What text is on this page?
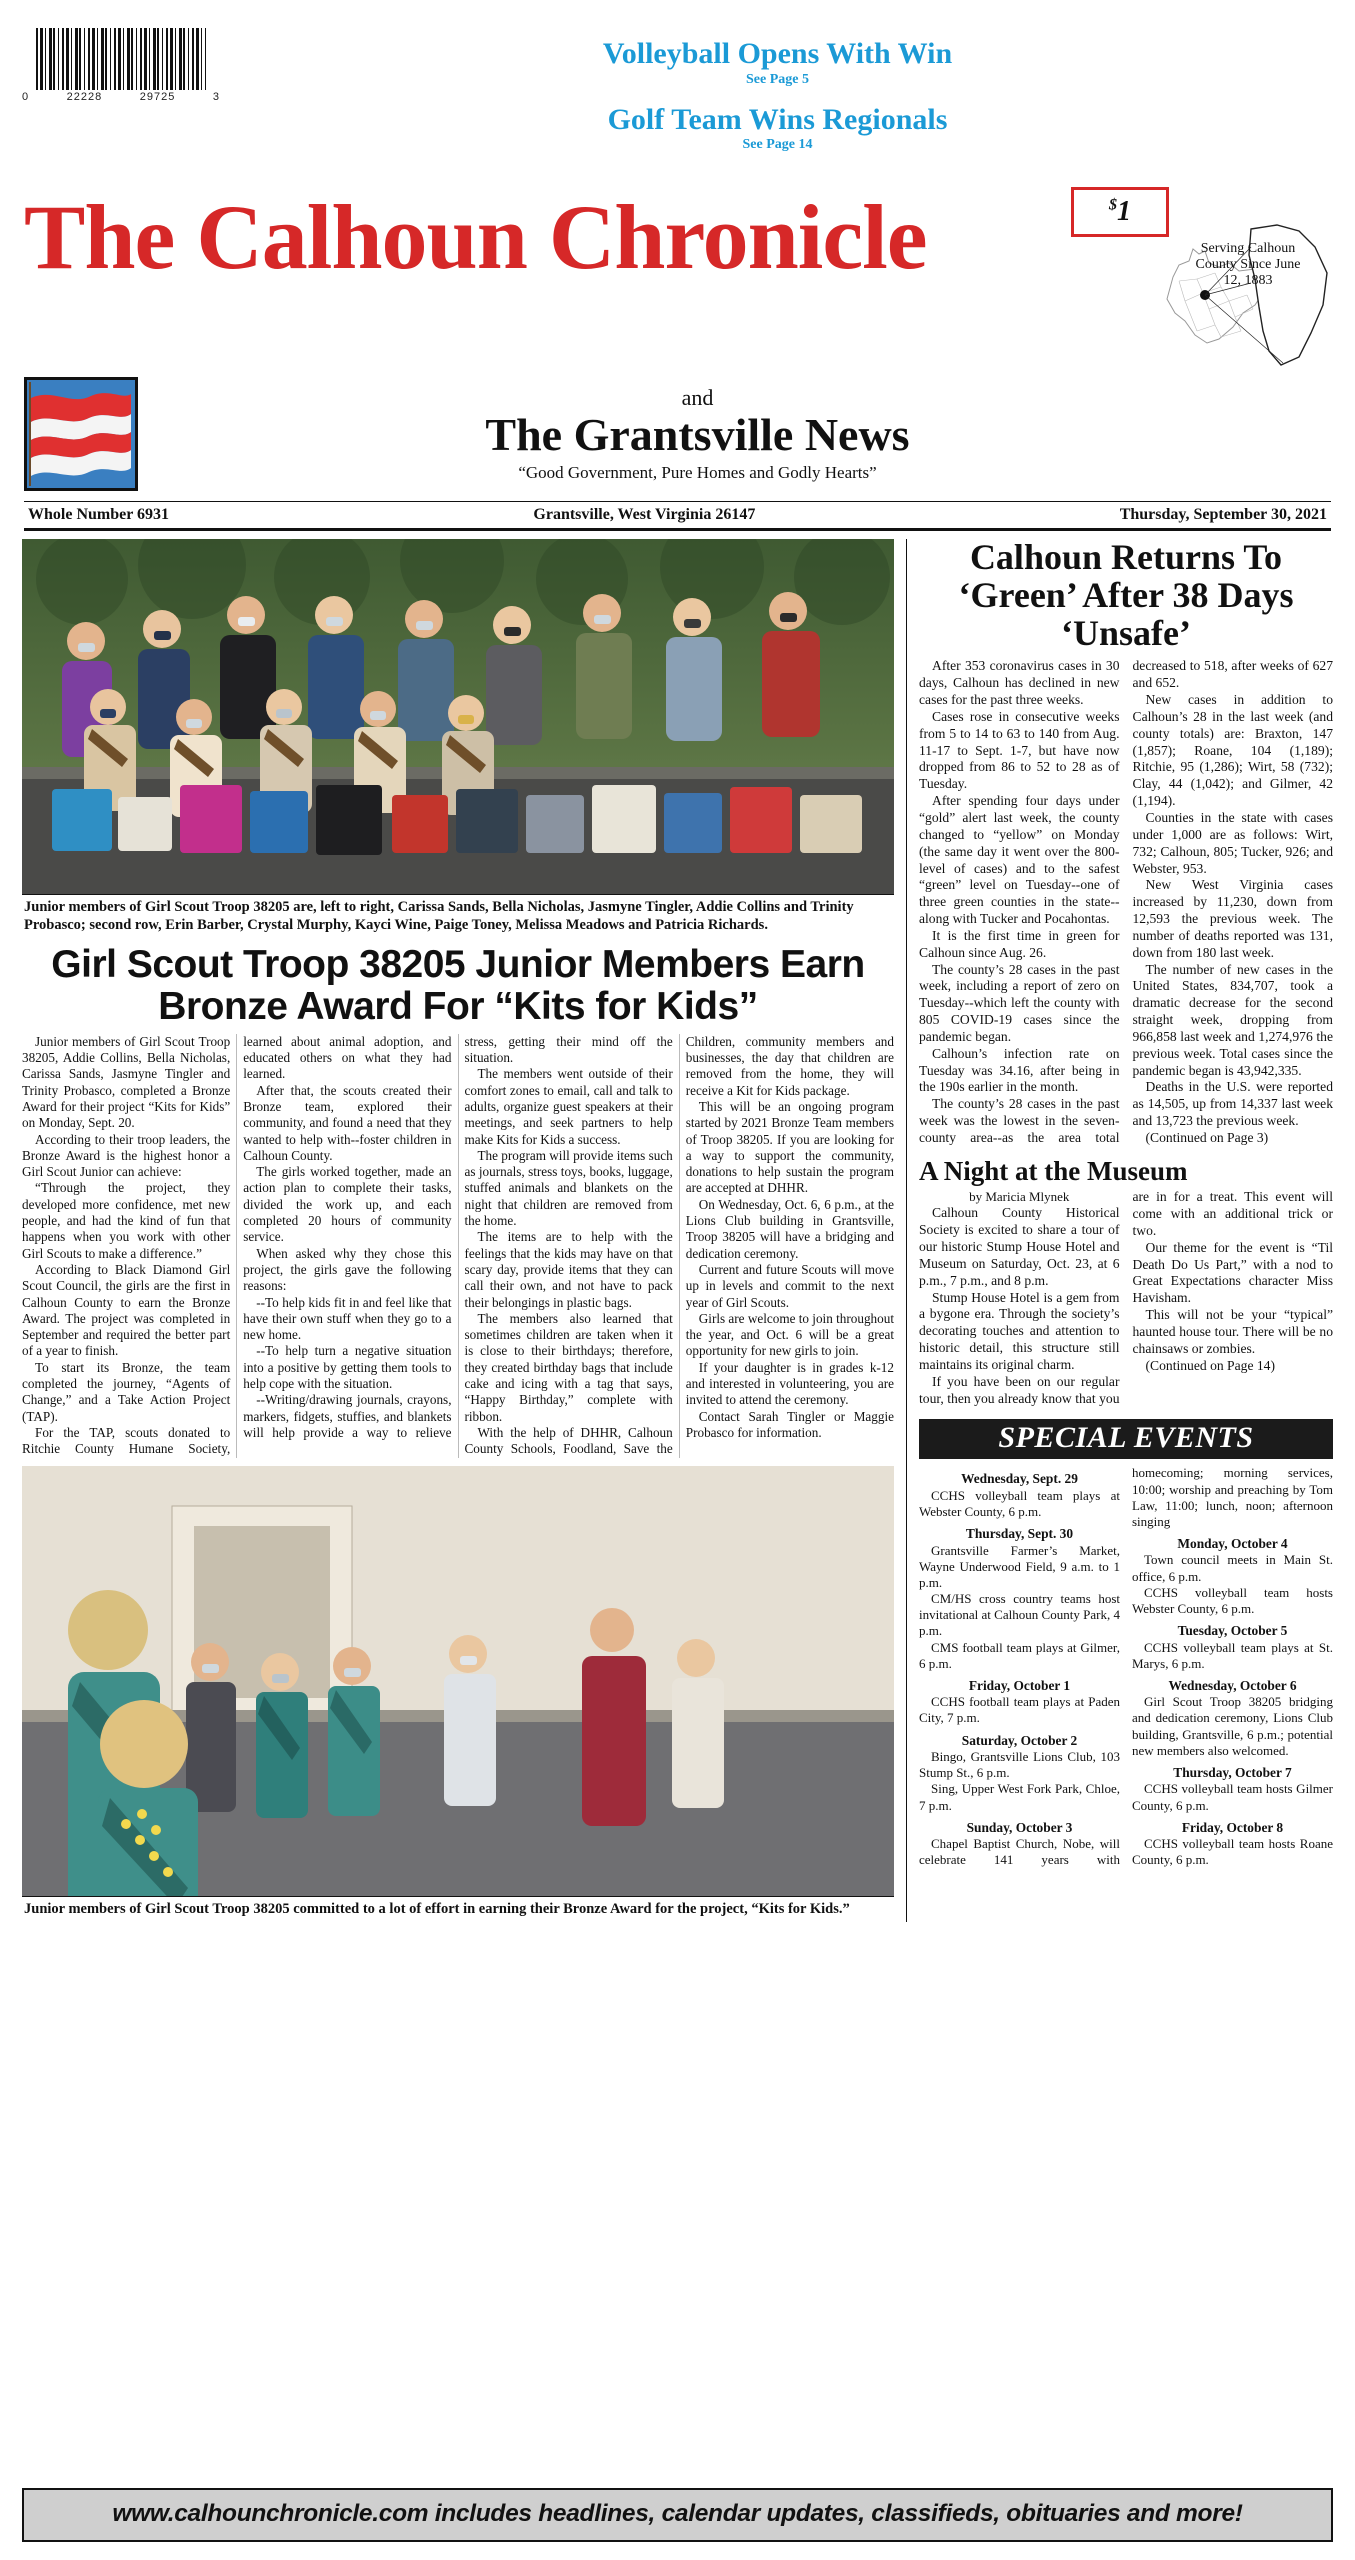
0	22228	29725	3
Volleyball Opens With Win
See Page 5
Golf Team Wins Regionals
See Page 14
The Calhoun Chronicle	$1
Serving Calhoun County Since June 12, 1883
and
The Grantsville News
“Good Government, Pure Homes and Godly Hearts”
Whole Number 6931	Grantsville, West Virginia 26147	Thursday, September 30, 2021
Junior members of Girl Scout Troop 38205 are, left to right, Carissa Sands, Bella Nicholas, Jasmyne Tingler, Addie Collins and Trinity Probasco; second row, Erin Barber, Crystal Murphy, Kayci Wine, Paige Toney, Melissa Meadows and Patricia Richards.
Girl Scout Troop 38205 Junior Members Earn Bronze Award For “Kits for Kids”

Junior members of Girl Scout Troop 38205, Addie Collins, Bella Nicholas, Carissa Sands, Jasmyne Tingler and Trinity Probasco, completed a Bronze Award for their project “Kits for Kids” on Monday, Sept. 20.

According to their troop leaders, the Bronze Award is the highest honor a Girl Scout Junior can achieve:

“Through the project, they developed more confidence, met new people, and had the kind of fun that happens when you work with other Girl Scouts to make a difference.”

According to Black Diamond Girl Scout Council, the girls are the first in Calhoun County to earn the Bronze Award. The project was completed in September and required the better part of a year to finish.

To start its Bronze, the team completed the journey, “Agents of Change,” and a Take Action Project (TAP).

For the TAP, scouts donated to Ritchie County Humane Society, learned about animal adoption, and educated others on what they had learned.

After that, the scouts created their Bronze team, explored their community, and found a need that they wanted to help with--foster children in Calhoun County.

The girls worked together, made an action plan to complete their tasks, divided the work up, and each completed 20 hours of community service.

When asked why they chose this project, the girls gave the following reasons:

--To help kids fit in and feel like that have their own stuff when they go to a new home.

--To help turn a negative situation into a positive by getting them tools to help cope with the situation.

--Writing/drawing journals, crayons, markers, fidgets, stuffies, and blankets will help provide a way to relieve stress, getting their mind off the situation.

The members went outside of their comfort zones to email, call and talk to adults, organize guest speakers at their meetings, and seek partners to help make Kits for Kids a success.

The program will provide items such as journals, stress toys, books, luggage, stuffed animals and blankets on the night that children are removed from the home.

The items are to help with the feelings that the kids may have on that scary day, provide items that they can call their own, and not have to pack their belongings in plastic bags.

The members also learned that sometimes children are taken when it is close to their birthdays; therefore, they created birthday bags that include cake and icing with a tag that says, “Happy Birthday,” complete with ribbon.

With the help of DHHR, Calhoun County Schools, Foodland, Save the Children, community members and businesses, the day that children are removed from the home, they will receive a Kit for Kids package.

This will be an ongoing program started by 2021 Bronze Team members of Troop 38205. If you are looking for a way to support the community, donations to help sustain the program are accepted at DHHR.

On Wednesday, Oct. 6, 6 p.m., at the Lions Club building in Grantsville, Troop 38205 will have a bridging and dedication ceremony.

Current and future Scouts will move up in levels and commit to the next year of Girl Scouts.

Girls are welcome to join throughout the year, and Oct. 6 will be a great opportunity for new girls to join.

If your daughter is in grades k-12 and interested in volunteering, you are invited to attend the ceremony.

Contact Sarah Tingler or Maggie Probasco for information.

Junior members of Girl Scout Troop 38205 committed to a lot of effort in earning their Bronze Award for the project, “Kits for Kids.”
Calhoun Returns To ‘Green’ After 38 Days ‘Unsafe’

After 353 coronavirus cases in 30 days, Calhoun has declined in new cases for the past three weeks.

Cases rose in consecutive weeks from 5 to 14 to 63 to 140 from Aug. 11-17 to Sept. 1-7, but have now dropped from 86 to 52 to 28 as of Tuesday.

After spending four days under “gold” alert last week, the county changed to “yellow” on Monday (the same day it went over the 800-level of cases) and to the safest “green” level on Tuesday--one of three green counties in the state--along with Tucker and Pocahontas.

It is the first time in green for Calhoun since Aug. 26.

The county’s 28 cases in the past week, including a report of zero on Tuesday--which left the county with 805 COVID-19 cases since the pandemic began.

Calhoun’s infection rate on Tuesday was 34.16, after being in the 190s earlier in the month.

The county’s 28 cases in the past week was the lowest in the seven-county area--as the area total decreased to 518, after weeks of 627 and 652.

New cases in addition to Calhoun’s 28 in the last week (and county totals) are: Braxton, 147 (1,857); Roane, 104 (1,189); Ritchie, 95 (1,286); Wirt, 58 (732); Clay, 44 (1,042); and Gilmer, 42 (1,194).

Counties in the state with cases under 1,000 are as follows: Wirt, 732; Calhoun, 805; Tucker, 926; and Webster, 953.

New West Virginia cases increased by 11,230, down from 12,593 the previous week. The number of deaths reported was 131, down from 180 last week.

The number of new cases in the United States, 834,707, took a dramatic decrease for the second straight week, dropping from 966,858 last week and 1,274,976 the previous week. Total cases since the pandemic began is 43,942,335.

Deaths in the U.S. were reported as 14,505, up from 14,337 last week and 13,723 the previous week.

(Continued on Page 3)

A Night at the Museum

by Maricia Mlynek

Calhoun County Historical Society is excited to share a tour of our historic Stump House Hotel and Museum on Saturday, Oct. 23, at 6 p.m., 7 p.m., and 8 p.m.

Stump House Hotel is a gem from a bygone era. Through the society’s decorating touches and attention to historic detail, this structure still maintains its original charm.

If you have been on our regular tour, then you already know that you are in for a treat. This event will come with an additional trick or two.

Our theme for the event is “Til Death Do Us Part,” with a nod to Great Expectations character Miss Havisham.

This will not be your “typical” haunted house tour. There will be no chainsaws or zombies.

(Continued on Page 14)

SPECIAL EVENTS

Wednesday, Sept. 29

CCHS volleyball team plays at Webster County, 6 p.m.

Thursday, Sept. 30

Grantsville Farmer’s Market, Wayne Underwood Field, 9 a.m. to 1 p.m.

CM/HS cross country teams host invitational at Calhoun County Park, 4 p.m.

CMS football team plays at Gilmer, 6 p.m.

Friday, October 1

CCHS football team plays at Paden City, 7 p.m.

Saturday, October 2

Bingo, Grantsville Lions Club, 103 Stump St., 6 p.m.

Sing, Upper West Fork Park, Chloe, 7 p.m.

Sunday, October 3

Chapel Baptist Church, Nobe, will celebrate 141 years with homecoming; morning services, 10:00; worship and preaching by Tom Law, 11:00; lunch, noon; afternoon singing

Monday, October 4

Town council meets in Main St. office, 6 p.m.

CCHS volleyball team hosts Webster County, 6 p.m.

Tuesday, October 5

CCHS volleyball team plays at St. Marys, 6 p.m.

Wednesday, October 6

Girl Scout Troop 38205 bridging and dedication ceremony, Lions Club building, Grantsville, 6 p.m.; potential new members also welcomed.

Thursday, October 7

CCHS volleyball team hosts Gilmer County, 6 p.m.

Friday, October 8

CCHS volleyball team hosts Roane County, 6 p.m.

www.calhounchronicle.com includes headlines, calendar updates, classifieds, obituaries and more!
